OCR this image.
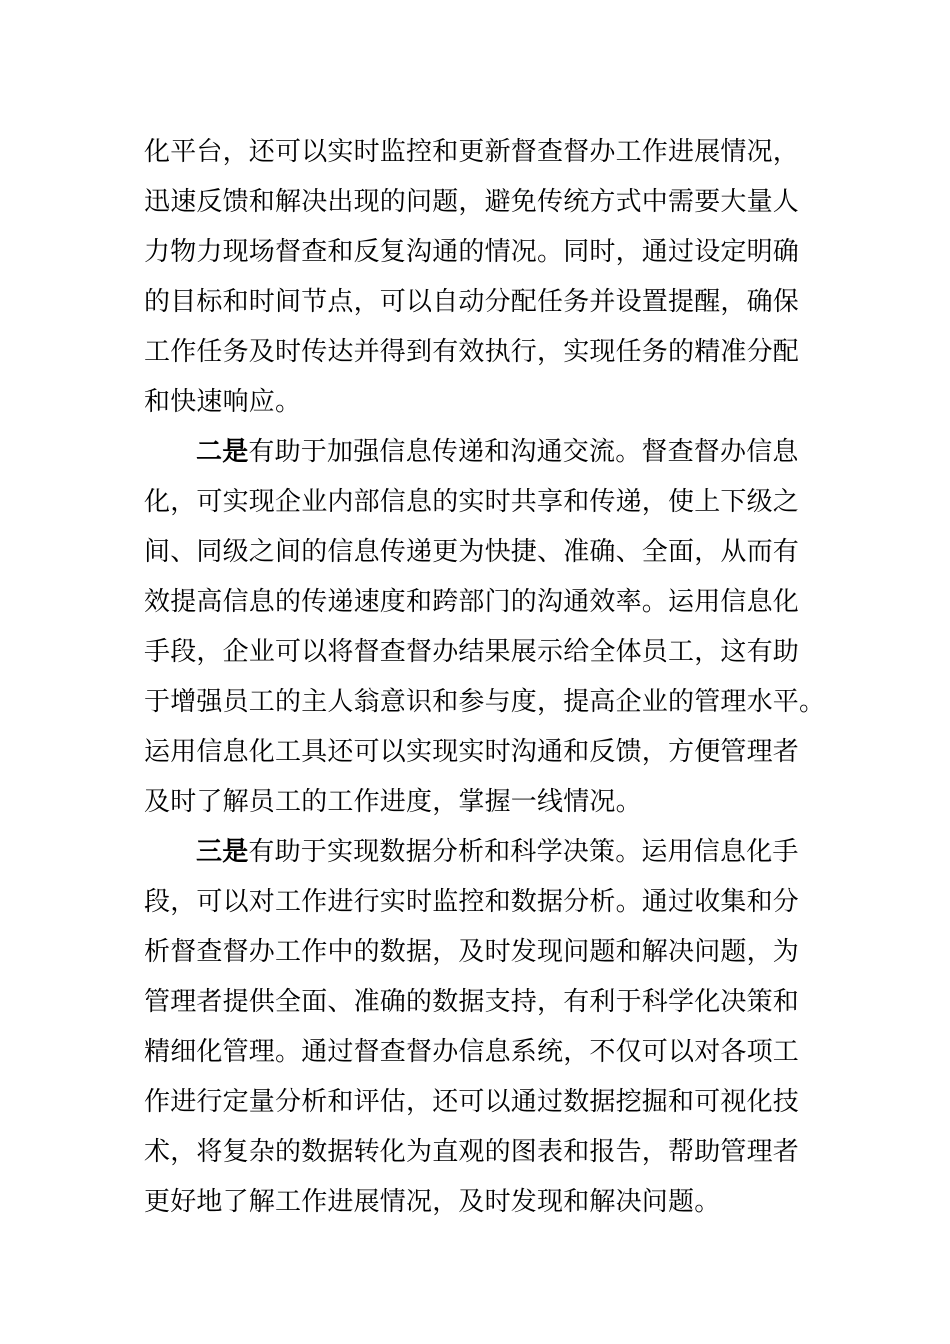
化平台，还可以实时监控和更新督查督办工作进展情况，
迅速反馈和解决出现的问题，避免传统方式中需要大量人
力物力现场督查和反复沟通的情况。同时，通过设定明确
的目标和时间节点，可以自动分配任务并设置提醒，确保
工作任务及时传达并得到有效执行，实现任务的精准分配
和快速响应。
二是有助于加强信息传递和沟通交流。督查督办信息
化，可实现企业内部信息的实时共享和传递，使上下级之
间、同级之间的信息传递更为快捷、准确、全面，从而有
效提高信息的传递速度和跨部门的沟通效率。运用信息化
手段，企业可以将督查督办结果展示给全体员工，这有助
于增强员工的主人翁意识和参与度，提高企业的管理水平。
运用信息化工具还可以实现实时沟通和反馈，方便管理者
及时了解员工的工作进度，掌握一线情况。
三是有助于实现数据分析和科学决策。运用信息化手
段，可以对工作进行实时监控和数据分析。通过收集和分
析督查督办工作中的数据，及时发现问题和解决问题，为
管理者提供全面、准确的数据支持，有利于科学化决策和
精细化管理。通过督查督办信息系统，不仅可以对各项工
作进行定量分析和评估，还可以通过数据挖掘和可视化技
术，将复杂的数据转化为直观的图表和报告，帮助管理者
更好地了解工作进展情况，及时发现和解决问题。
